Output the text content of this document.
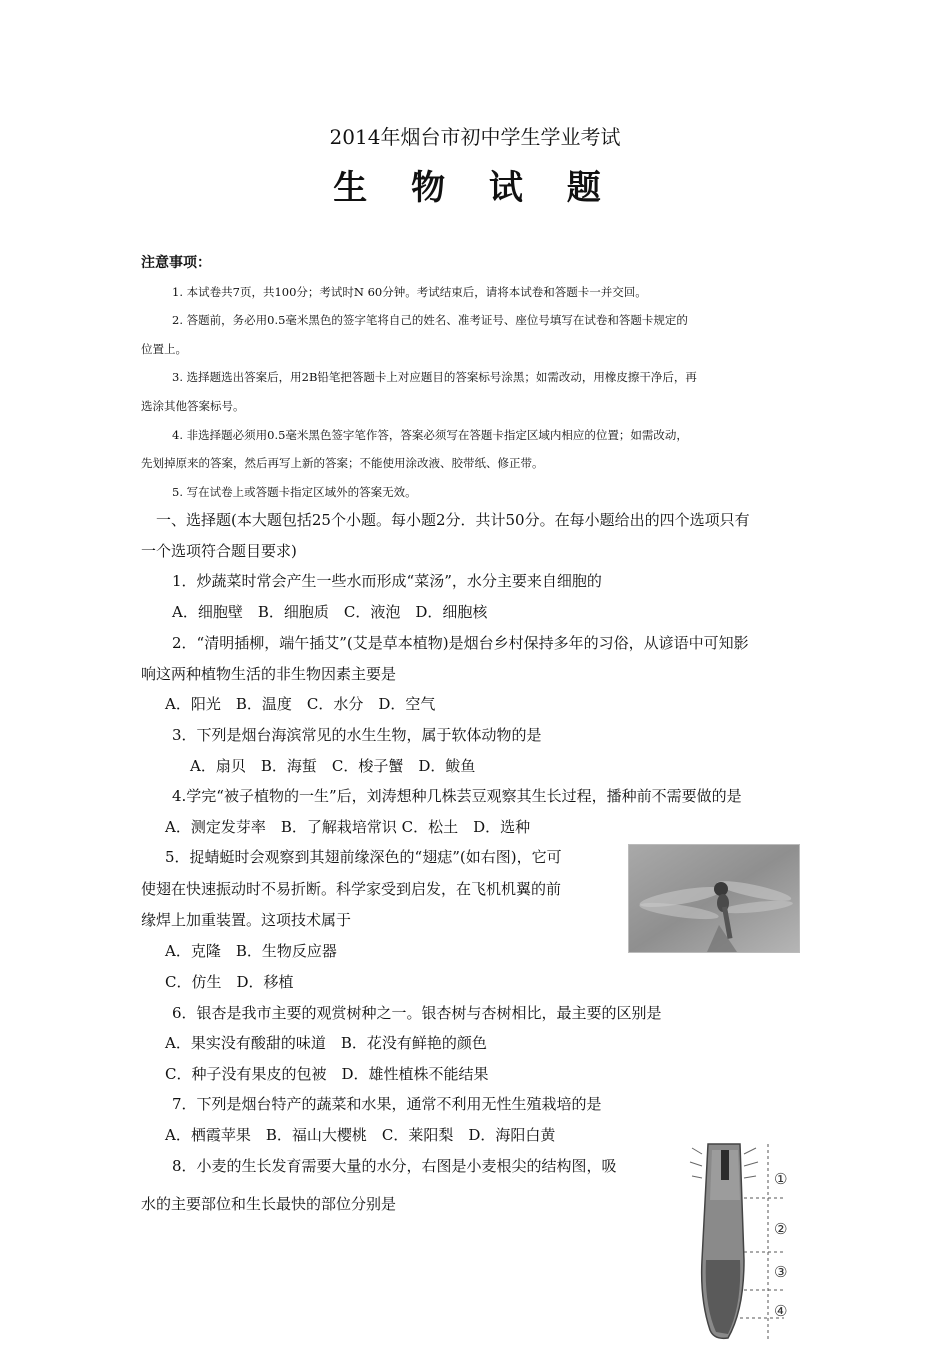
2014年烟台市初中学生学业考试
生 物 试 题
注意事项：
1. 本试卷共7页，共100分；考试时N 60分钟。考试结束后，请将本试卷和答题卡一并交回。
2. 答题前，务必用0.5毫米黑色的签字笔将自己的姓名、准考证号、座位号填写在试卷和答题卡规定的
位置上。
3. 选择题选出答案后，用2B铅笔把答题卡上对应题目的答案标号涂黑；如需改动，用橡皮擦干净后，再
选涂其他答案标号。
4. 非选择题必须用0.5毫米黑色签字笔作答，答案必须写在答题卡指定区域内相应的位置；如需改动，
先划掉原来的答案，然后再写上新的答案；不能使用涂改液、胶带纸、修正带。
5. 写在试卷上或答题卡指定区域外的答案无效。
一、选择题(本大题包括25个小题。每小题2分．共计50分。在每小题给出的四个选项只有
一个选项符合题目要求)
1．炒蔬菜时常会产生一些水而形成“菜汤”，水分主要来自细胞的
A．细胞壁　B．细胞质　C．液泡　D．细胞核
2．“清明插柳，端午插艾”(艾是草本植物)是烟台乡村保持多年的习俗，从谚语中可知影
响这两种植物生活的非生物因素主要是
A．阳光　B．温度　C．水分　D．空气
3．下列是烟台海滨常见的水生生物，属于软体动物的是
A．扇贝　B．海蜇　C．梭子蟹　D．鲅鱼
4.学完“被子植物的一生”后，刘涛想种几株芸豆观察其生长过程，播种前不需要做的是
A．测定发芽率　B．了解栽培常识 C．松土　D．选种
5．捉蜻蜓时会观察到其翅前缘深色的“翅痣”(如右图)，它可
使翅在快速振动时不易折断。科学家受到启发，在飞机机翼的前
缘焊上加重装置。这项技术属于
A．克隆　B．生物反应器
C．仿生　D．移植
6．银杏是我市主要的观赏树种之一。银杏树与杏树相比，最主要的区别是
A．果实没有酸甜的味道　B．花没有鲜艳的颜色
C．种子没有果皮的包被　D．雄性植株不能结果
7．下列是烟台特产的蔬菜和水果，通常不利用无性生殖栽培的是
A．栖霞苹果　B．福山大樱桃　C．莱阳梨　D．海阳白黄
8．小麦的生长发育需要大量的水分，右图是小麦根尖的结构图，吸
水的主要部位和生长最快的部位分别是
①
②
③
④
